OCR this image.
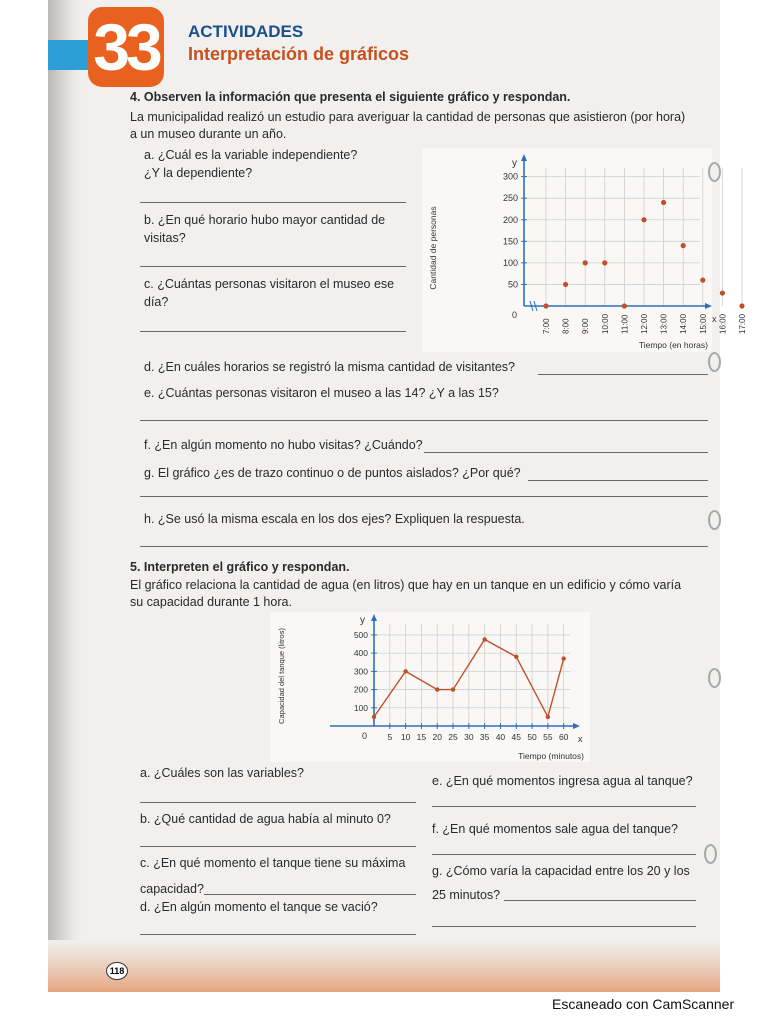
33	ACTIVIDADES
Interpretación de gráficos
4. Observen la información que presenta el siguiente gráfico y respondan.
La municipalidad realizó un estudio para averiguar la cantidad de personas que asistieron (por hora)
a un museo durante un año.
a. ¿Cuál es la variable independiente?
¿Y la dependiente?
b. ¿En qué horario hubo mayor cantidad de
visitas?
c. ¿Cuántas personas visitaron el museo ese
día?
y
x
0
50
100
150
200
250
300
7:00 8:00 9:00 10:00 11:00 12:00 13:00 14:00 15:00 16:00 17:00
Cantidad de personas
Tiempo (en horas)
d. ¿En cuáles horarios se registró la misma cantidad de visitantes?
e. ¿Cuántas personas visitaron el museo a las 14? ¿Y a las 15?
f. ¿En algún momento no hubo visitas? ¿Cuándo?
g. El gráfico ¿es de trazo continuo o de puntos aislados? ¿Por qué?
h. ¿Se usó la misma escala en los dos ejes? Expliquen la respuesta.
5. Interpreten el gráfico y respondan.
El gráfico relaciona la cantidad de agua (en litros) que hay en un tanque en un edificio y cómo varía
su capacidad durante 1 hora.
y
x
0
100
200
300
400
500
5 10 15 20 25 30 35 40 45 50 55 60
Capacidad del tanque (litros)
Tiempo (minutos)
a. ¿Cuáles son las variables?
b. ¿Qué cantidad de agua había al minuto 0?
c. ¿En qué momento el tanque tiene su máxima
capacidad?
d. ¿En algún momento el tanque se vació?
e. ¿En qué momentos ingresa agua al tanque?
f. ¿En qué momentos sale agua del tanque?
g. ¿Cómo varía la capacidad entre los 20 y los
25 minutos?
118
Escaneado con CamScanner
